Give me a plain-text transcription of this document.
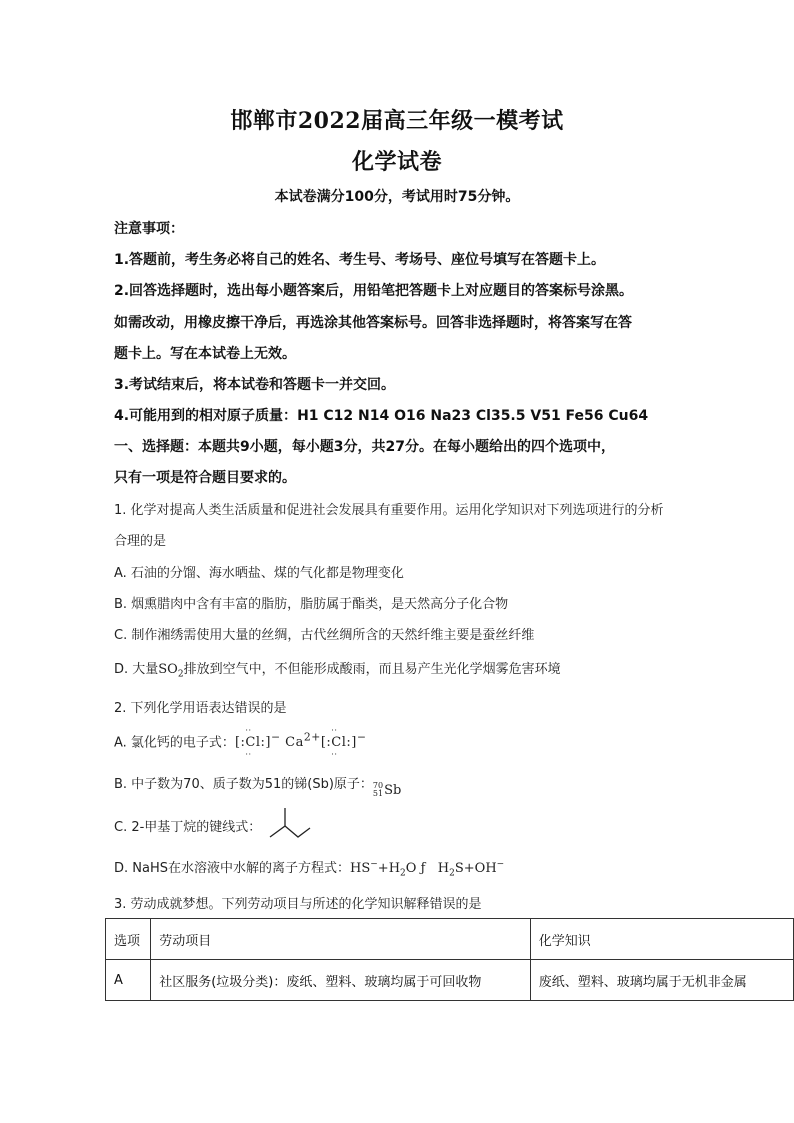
邯郸市2022届高三年级一模考试
化学试卷
本试卷满分100分，考试用时75分钟。
注意事项：
1.答题前，考生务必将自己的姓名、考生号、考场号、座位号填写在答题卡上。
2.回答选择题时，选出每小题答案后，用铅笔把答题卡上对应题目的答案标号涂黑。
如需改动，用橡皮擦干净后，再选涂其他答案标号。回答非选择题时，将答案写在答
题卡上。写在本试卷上无效。
3.考试结束后，将本试卷和答题卡一并交回。
4.可能用到的相对原子质量：H1 C12 N14 O16 Na23 Cl35.5 V51 Fe56 Cu64
一、选择题：本题共9小题，每小题3分，共27分。在每小题给出的四个选项中，
只有一项是符合题目要求的。
1. 化学对提高人类生活质量和促进社会发展具有重要作用。运用化学知识对下列选项进行的分析
合理的是
A. 石油的分馏、海水晒盐、煤的气化都是物理变化
B. 烟熏腊肉中含有丰富的脂肪，脂肪属于酯类，是天然高分子化合物
C. 制作湘绣需使用大量的丝绸，古代丝绸所含的天然纤维主要是蚕丝纤维
D. 大量$SO_2$排放到空气中，不但能形成酸雨，而且易产生光化学烟雾危害环境
2. 下列化学用语表达错误的是
A. 氯化钙的电子式：[:· · Cl · ·:]− $Ca^{2+}[:\cdot \cdot Cl$ · ·:]−
B. 中子数为70、质子数为51的锑(Sb)原子： 70
51 Sb
C. 2-甲基丁烷的键线式：
D. NaHS在水溶液中水解的离子方程式：$HS^-+H_2O$ ƒ $H_2S+OH^-$
3. 劳动成就梦想。下列劳动项目与所述的化学知识解释错误的是
选项	劳动项目	化学知识
A	社区服务(垃圾分类)：废纸、塑料、玻璃均属于可回收物	废纸、塑料、玻璃均属于无机非金属
